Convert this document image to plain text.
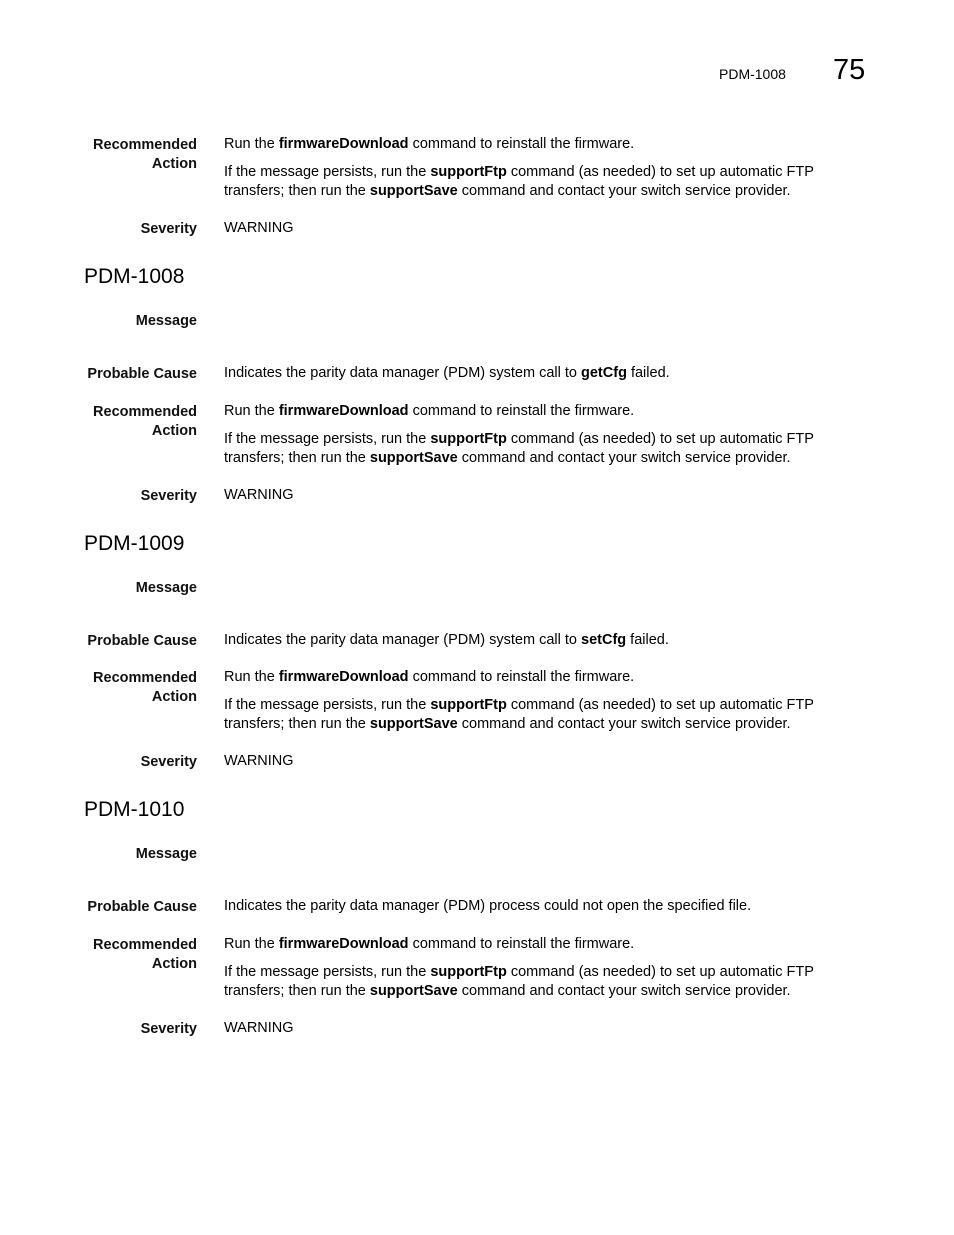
PDM-1008 75
Recommended
Action
Run the firmwareDownload command to reinstall the firmware.
If the message persists, run the supportFtp command (as needed) to set up automatic FTP
transfers; then run the supportSave command and contact your switch service provider.
Severity WARNING
PDM-1008
Message
Probable Cause Indicates the parity data manager (PDM) system call to getCfg failed.
Recommended
Action
Run the firmwareDownload command to reinstall the firmware.
If the message persists, run the supportFtp command (as needed) to set up automatic FTP
transfers; then run the supportSave command and contact your switch service provider.
Severity WARNING
PDM-1009
Message
Probable Cause Indicates the parity data manager (PDM) system call to setCfg failed.
Recommended
Action
Run the firmwareDownload command to reinstall the firmware.
If the message persists, run the supportFtp command (as needed) to set up automatic FTP
transfers; then run the supportSave command and contact your switch service provider.
Severity WARNING
PDM-1010
Message
Probable Cause Indicates the parity data manager (PDM) process could not open the specified file.
Recommended
Action
Run the firmwareDownload command to reinstall the firmware.
If the message persists, run the supportFtp command (as needed) to set up automatic FTP
transfers; then run the supportSave command and contact your switch service provider.
Severity WARNING
